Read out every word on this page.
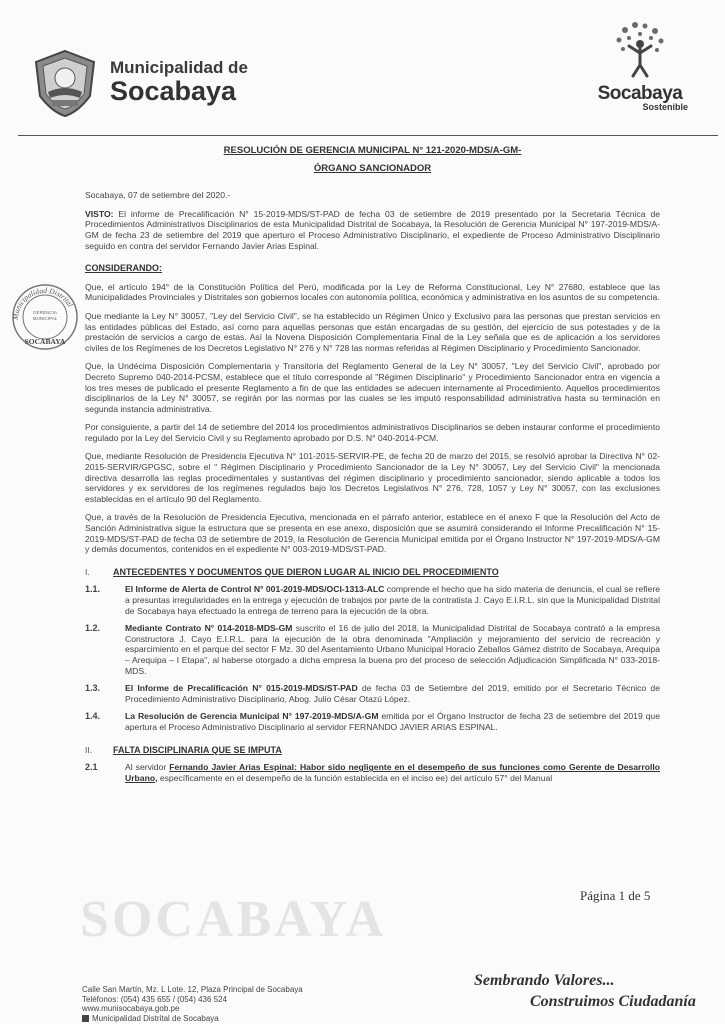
Municipalidad de
Socabaya	Socabaya
Sostenible
Municipalidad Distrital
GERENCIA
MUNICIPAL
SOCABAYA
RESOLUCIÓN DE GERENCIA MUNICIPAL N° 121-2020-MDS/A-GM-
ÓRGANO SANCIONADOR
Socabaya, 07 de setiembre del 2020.-

VISTO: El informe de Precalificación N° 15-2019-MDS/ST-PAD de fecha 03 de setiembre de 2019 presentado por la Secretaria Técnica de Procedimientos Administrativos Disciplinarios de esta Municipalidad Distrital de Socabaya, la Resolución de Gerencia Municipal N° 197-2019-MDS/A-GM de fecha 23 de setiembre del 2019 que aperturo el Proceso Administrativo Disciplinario, el expediente de Proceso Administrativo Disciplinario seguido en contra del servidor Fernando Javier Arias Espinal.

CONSIDERANDO:

Que, el artículo 194° de la Constitución Política del Perú, modificada por la Ley de Reforma Constitucional, Ley N° 27680, establece que las Municipalidades Provinciales y Distritales son gobiernos locales con autonomía política, económica y administrativa en los asuntos de su competencia.

Que mediante la Ley N° 30057, "Ley del Servicio Civil", se ha establecido un Régimen Único y Exclusivo para las personas que prestan servicios en las entidades públicas del Estado, así como para aquellas personas que están encargadas de su gestión, del ejercicio de sus potestades y de la prestación de servicios a cargo de estas. Así la Novena Disposición Complementaria Final de la Ley señala que es de aplicación a los servidores civiles de los Regímenes de los Decretos Legislativo N° 276 y N° 728 las normas referidas al Régimen Disciplinario y Procedimiento Sancionador.

Que, la Undécima Disposición Complementaria y Transitoria del Reglamento General de la Ley N° 30057, "Ley del Servicio Civil", aprobado por Decreto Supremo 040-2014-PCSM, establece que el título corresponde al "Régimen Disciplinario" y Procedimiento Sancionador entra en vigencia a los tres meses de publicado el presente Reglamento a fin de que las entidades se adecuen internamente al Procedimiento. Aquellos procedimientos disciplinarios de la Ley N° 30057, se regirán por las normas por las cuales se les imputó responsabilidad administrativa hasta su terminación en segunda instancia administrativa.

Por consiguiente, a partir del 14 de setiembre del 2014 los procedimientos administrativos Disciplinarios se deben instaurar conforme el procedimiento regulado por la Ley del Servicio Civil y su Reglamento aprobado por D.S. N° 040-2014-PCM.

Que, mediante Resolución de Presidencia Ejecutiva N° 101-2015-SERVIR-PE, de fecha 20 de marzo del 2015, se resolvió aprobar la Directiva N° 02-2015-SERVIR/GPGSC, sobre el " Régimen Disciplinario y Procedimiento Sancionador de la Ley N° 30057, Ley del Servicio Civil" la mencionada directiva desarrolla las reglas procedimentales y sustantivas del régimen disciplinario y procedimiento sancionador, siendo aplicable a todos los servidores y ex servidores de los regímenes regulados bajo los Decretos Legislativos N° 276, 728, 1057 y Ley N° 30057, con las exclusiones establecidas en el artículo 90 del Reglamento.

Que, a través de la Resolución de Presidencia Ejecutiva, mencionada en el párrafo anterior, establece en el anexo F que la Resolución del Acto de Sanción Administrativa sigue la estructura que se presenta en ese anexo, disposición que se asumirá considerando el Informe Precalificación N° 15-2019-MDS/ST-PAD de fecha 03 de setiembre de 2019, la Resolución de Gerencia Municipal emitida por el Órgano Instructor N° 197-2019-MDS/A-GM y demás documentos, contenidos en el expediente N° 003-2019-MDS/ST-PAD.

I.	ANTECEDENTES Y DOCUMENTOS QUE DIERON LUGAR AL INICIO DEL PROCEDIMIENTO
1.1.	El Informe de Alerta de Control N° 001-2019-MDS/OCI-1313-ALC comprende el hecho que ha sido materia de denuncia, el cual se refiere a presuntas irregularidades en la entrega y ejecución de trabajos por parte de la contratista J. Cayo E.I.R.L. sin que la Municipalidad Distrital de Socabaya haya efectuado la entrega de terreno para la ejecución de la obra.
1.2.	Mediante Contrato N° 014-2018-MDS-GM suscrito el 16 de julio del 2018, la Municipalidad Distrital de Socabaya contrató a la empresa Constructora J. Cayo E.I.R.L. para la ejecución de la obra denominada "Ampliación y mejoramiento del servicio de recreación y esparcimiento en el parque del sector F Mz. 30 del Asentamiento Urbano Municipal Horacio Zeballos Gámez distrito de Socabaya, Arequipa – Arequipa – I Etapa", al haberse otorgado a dicha empresa la buena pro del proceso de selección Adjudicación Simplificada N° 033-2018-MDS.
1.3.	El Informe de Precalificación N° 015-2019-MDS/ST-PAD de fecha 03 de Setiembre del 2019, emitido por el Secretario Técnico de Procedimiento Administrativo Disciplinario, Abog. Julio César Otazú López.
1.4.	La Resolución de Gerencia Municipal N° 197-2019-MDS/A-GM emitida por el Órgano Instructor de fecha 23 de setiembre del 2019 que apertura el Proceso Administrativo Disciplinario al servidor FERNANDO JAVIER ARIAS ESPINAL.
II.	FALTA DISCIPLINARIA QUE SE IMPUTA
2.1	Al servidor Fernando Javier Arias Espinal: Habor sido negligente en el desempeño de sus funciones como Gerente de Desarrollo Urbano, específicamente en el desempeño de la función establecida en el inciso ee) del artículo 57° del Manual
SOCABAYA	Página 1 de 5
Calle San Martín, Mz. L Lote. 12, Plaza Principal de Socabaya
Teléfonos: (054) 435 655 / (054) 436 524
www.munisocabaya.gob.pe
Municipalidad Distrital de Socabaya
Sembrando Valores...
Construimos Ciudadanía
